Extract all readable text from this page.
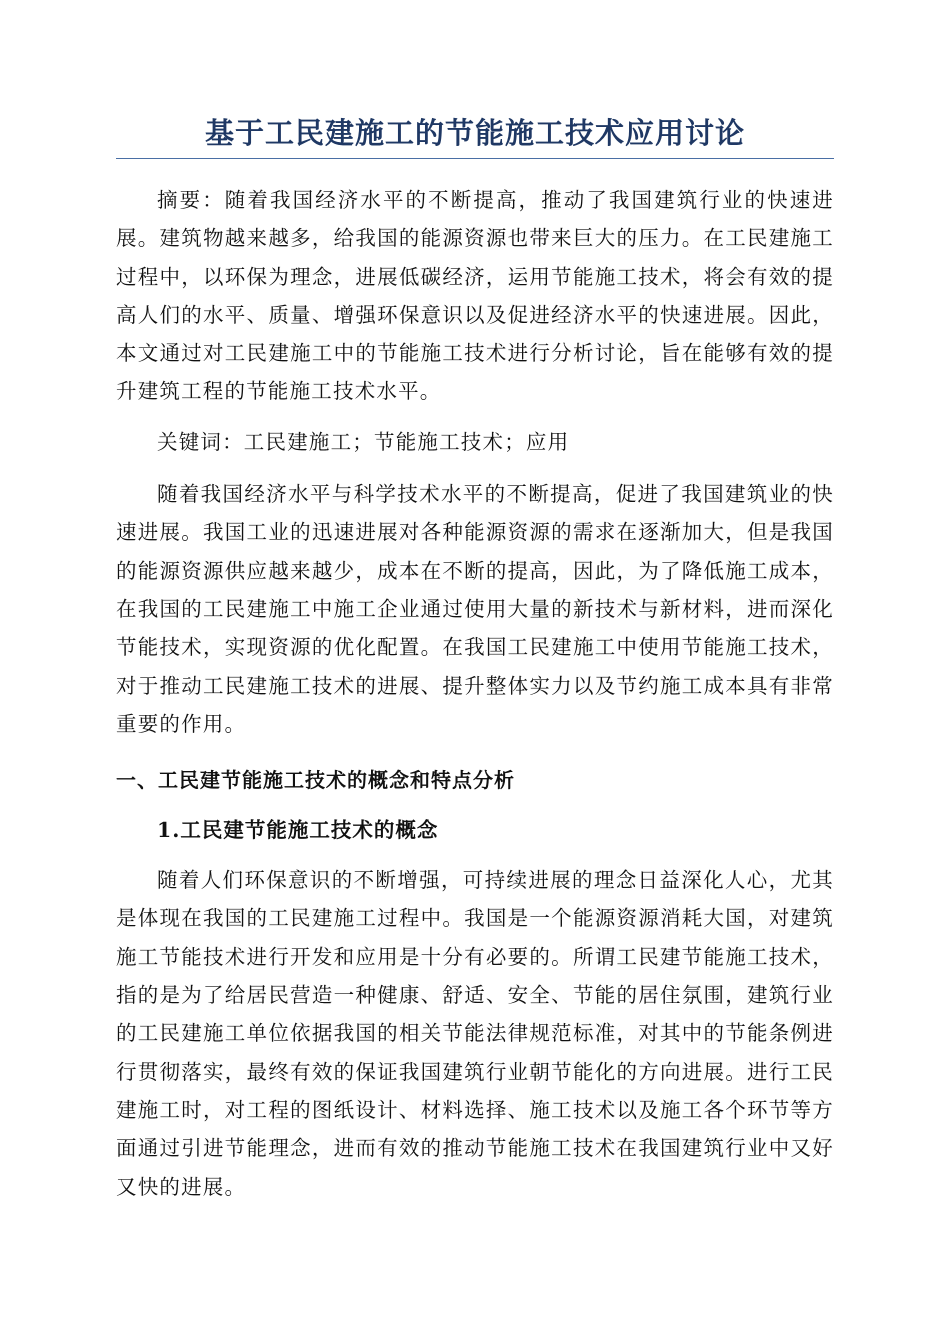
基于工民建施工的节能施工技术应用讨论

摘要：随着我国经济水平的不断提高，推动了我国建筑行业的快速进展。建筑物越来越多，给我国的能源资源也带来巨大的压力。在工民建施工过程中，以环保为理念，进展低碳经济，运用节能施工技术，将会有效的提高人们的水平、质量、增强环保意识以及促进经济水平的快速进展。因此，本文通过对工民建施工中的节能施工技术进行分析讨论，旨在能够有效的提升建筑工程的节能施工技术水平。

关键词：工民建施工；节能施工技术；应用

随着我国经济水平与科学技术水平的不断提高，促进了我国建筑业的快速进展。我国工业的迅速进展对各种能源资源的需求在逐渐加大，但是我国的能源资源供应越来越少，成本在不断的提高，因此，为了降低施工成本，在我国的工民建施工中施工企业通过使用大量的新技术与新材料，进而深化节能技术，实现资源的优化配置。在我国工民建施工中使用节能施工技术，对于推动工民建施工技术的进展、提升整体实力以及节约施工成本具有非常重要的作用。

一、工民建节能施工技术的概念和特点分析
1.工民建节能施工技术的概念

随着人们环保意识的不断增强，可持续进展的理念日益深化人心，尤其是体现在我国的工民建施工过程中。我国是一个能源资源消耗大国，对建筑施工节能技术进行开发和应用是十分有必要的。所谓工民建节能施工技术，指的是为了给居民营造一种健康、舒适、安全、节能的居住氛围，建筑行业的工民建施工单位依据我国的相关节能法律规范标准，对其中的节能条例进行贯彻落实，最终有效的保证我国建筑行业朝节能化的方向进展。进行工民建施工时，对工程的图纸设计、材料选择、施工技术以及施工各个环节等方面通过引进节能理念，进而有效的推动节能施工技术在我国建筑行业中又好又快的进展。
